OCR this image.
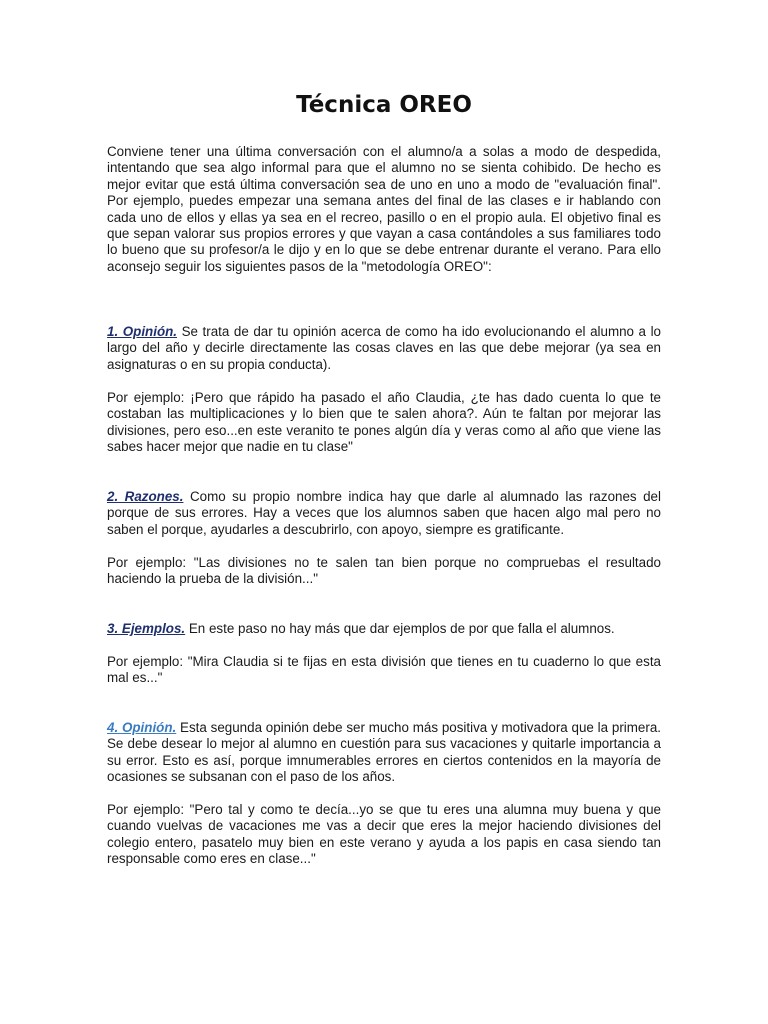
Técnica OREO

Conviene tener una última conversación con el alumno/a a solas a modo de despedida, intentando que sea algo informal para que el alumno no se sienta cohibido. De hecho es mejor evitar que está última conversación sea de uno en uno a modo de "evaluación final". Por ejemplo, puedes empezar una semana antes del final de las clases e ir hablando con cada uno de ellos y ellas ya sea en el recreo, pasillo o en el propio aula. El objetivo final es que sepan valorar sus propios errores y que vayan a casa contándoles a sus familiares todo lo bueno que su profesor/a le dijo y en lo que se debe entrenar durante el verano. Para ello aconsejo seguir los siguientes pasos de la "metodología OREO":

1. Opinión. Se trata de dar tu opinión acerca de como ha ido evolucionando el alumno a lo largo del año y decirle directamente las cosas claves en las que debe mejorar (ya sea en asignaturas o en su propia conducta).

Por ejemplo: ¡Pero que rápido ha pasado el año Claudia, ¿te has dado cuenta lo que te costaban las multiplicaciones y lo bien que te salen ahora?. Aún te faltan por mejorar las divisiones, pero eso...en este veranito te pones algún día y veras como al año que viene las sabes hacer mejor que nadie en tu clase"

2. Razones. Como su propio nombre indica hay que darle al alumnado las razones del porque de sus errores. Hay a veces que los alumnos saben que hacen algo mal pero no saben el porque, ayudarles a descubrirlo, con apoyo, siempre es gratificante.

Por ejemplo: "Las divisiones no te salen tan bien porque no compruebas el resultado haciendo la prueba de la división..."

3. Ejemplos. En este paso no hay más que dar ejemplos de por que falla el alumnos.

Por ejemplo: "Mira Claudia si te fijas en esta división que tienes en tu cuaderno lo que esta mal es..."

4. Opinión. Esta segunda opinión debe ser mucho más positiva y motivadora que la primera. Se debe desear lo mejor al alumno en cuestión para sus vacaciones y quitarle importancia a su error. Esto es así, porque imnumerables errores en ciertos contenidos en la mayoría de ocasiones se subsanan con el paso de los años.

Por ejemplo: "Pero tal y como te decía...yo se que tu eres una alumna muy buena y que cuando vuelvas de vacaciones me vas a decir que eres la mejor haciendo divisiones del colegio entero, pasatelo muy bien en este verano y ayuda a los papis en casa siendo tan responsable como eres en clase..."
